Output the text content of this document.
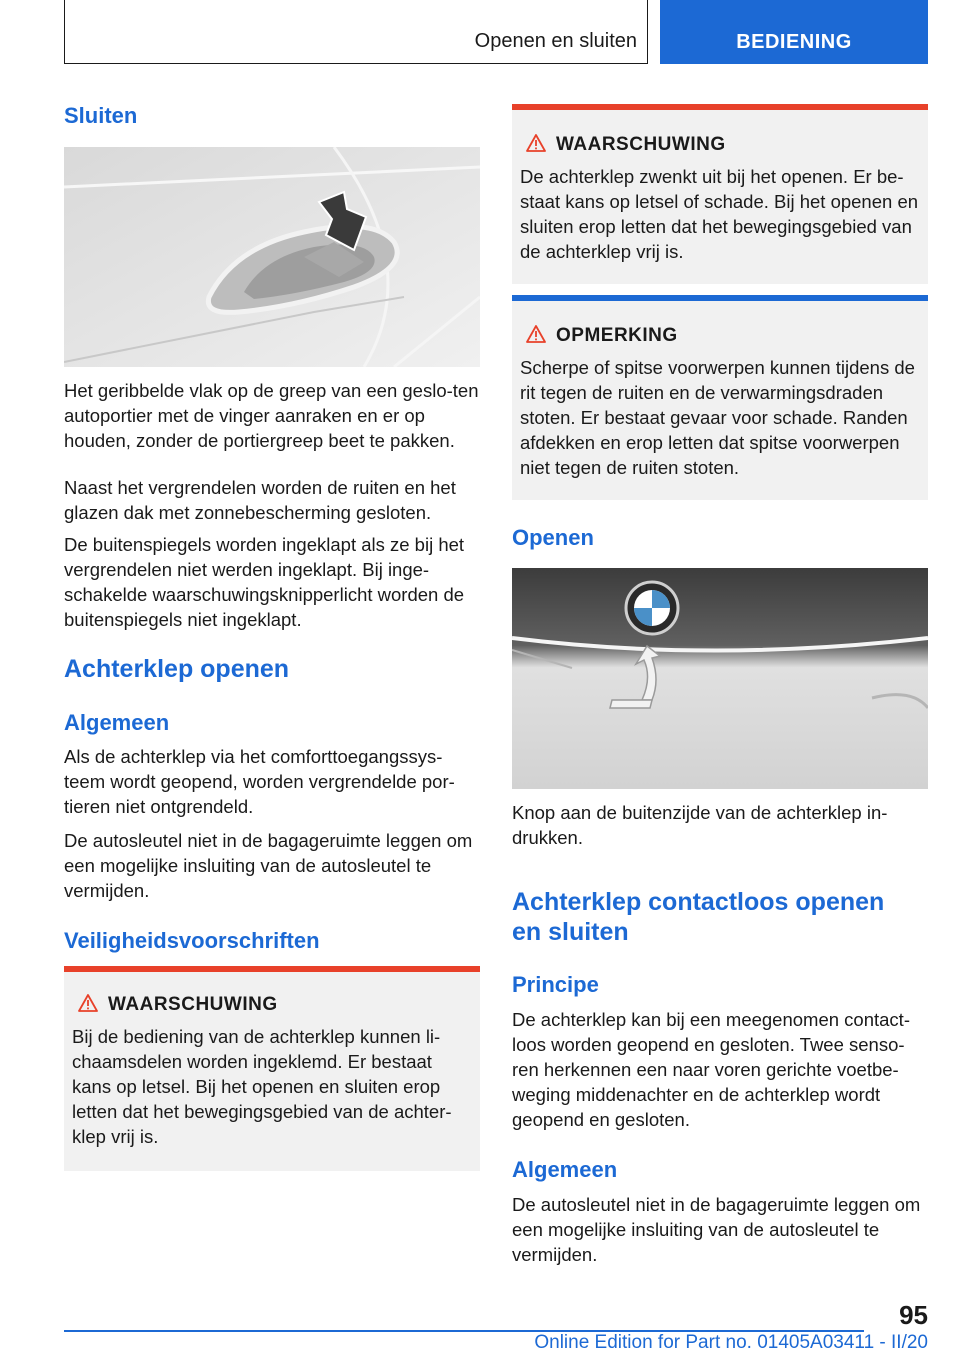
Openen en sluiten	BEDIENING
Sluiten

Het geribbelde vlak op de greep van een geslo-ten autoportier met de vinger aanraken en er op houden, zonder de portiergreep beet te pakken.

Naast het vergrendelen worden de ruiten en het glazen dak met zonnebescherming gesloten.

De buitenspiegels worden ingeklapt als ze bij het vergrendelen niet werden ingeklapt. Bij inge-schakelde waarschuwingsknipperlicht worden de buitenspiegels niet ingeklapt.

Achterklep openen
Algemeen

Als de achterklep via het comforttoegangssys-teem wordt geopend, worden vergrendelde por-tieren niet ontgrendeld.

De autosleutel niet in de bagageruimte leggen om een mogelijke insluiting van de autosleutel te vermijden.

Veiligheidsvoorschriften
WAARSCHUWING

Bij de bediening van de achterklep kunnen li-chaamsdelen worden ingeklemd. Er bestaat kans op letsel. Bij het openen en sluiten erop letten dat het bewegingsgebied van de achter-klep vrij is.

WAARSCHUWING

De achterklep zwenkt uit bij het openen. Er be-staat kans op letsel of schade. Bij het openen en sluiten erop letten dat het bewegingsgebied van de achterklep vrij is.

OPMERKING

Scherpe of spitse voorwerpen kunnen tijdens de rit tegen de ruiten en de verwarmingsdraden stoten. Er bestaat gevaar voor schade. Randen afdekken en erop letten dat spitse voorwerpen niet tegen de ruiten stoten.

Openen

Knop aan de buitenzijde van de achterklep in-drukken.

Achterklep contactloos openen
en sluiten
Principe

De achterklep kan bij een meegenomen contact-loos worden geopend en gesloten. Twee senso-ren herkennen een naar voren gerichte voetbe-weging middenachter en de achterklep wordt geopend en gesloten.

Algemeen

De autosleutel niet in de bagageruimte leggen om een mogelijke insluiting van de autosleutel te vermijden.

95
Online Edition for Part no. 01405A03411 - II/20
